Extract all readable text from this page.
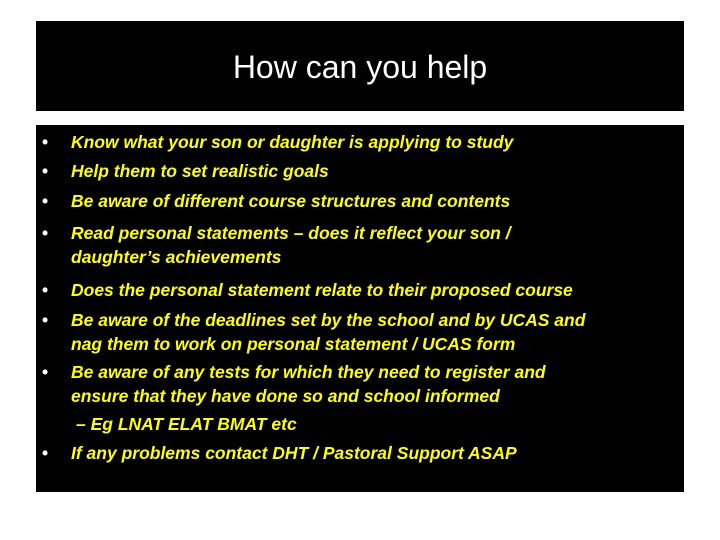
How can you help
•	Know what your son or daughter is applying to study
•	Help them to set realistic goals
•	Be aware of different course structures and contents
•	Read personal statements – does it reflect your son /
daughter’s achievements
•	Does the personal statement relate to their proposed course
•	Be aware of the deadlines set by the school and by UCAS and
nag them to work on personal statement / UCAS form
•	Be aware of any tests for which they need to register and
ensure that they have done so and school informed
– Eg LNAT ELAT BMAT etc
•	If any problems contact DHT / Pastoral Support ASAP
